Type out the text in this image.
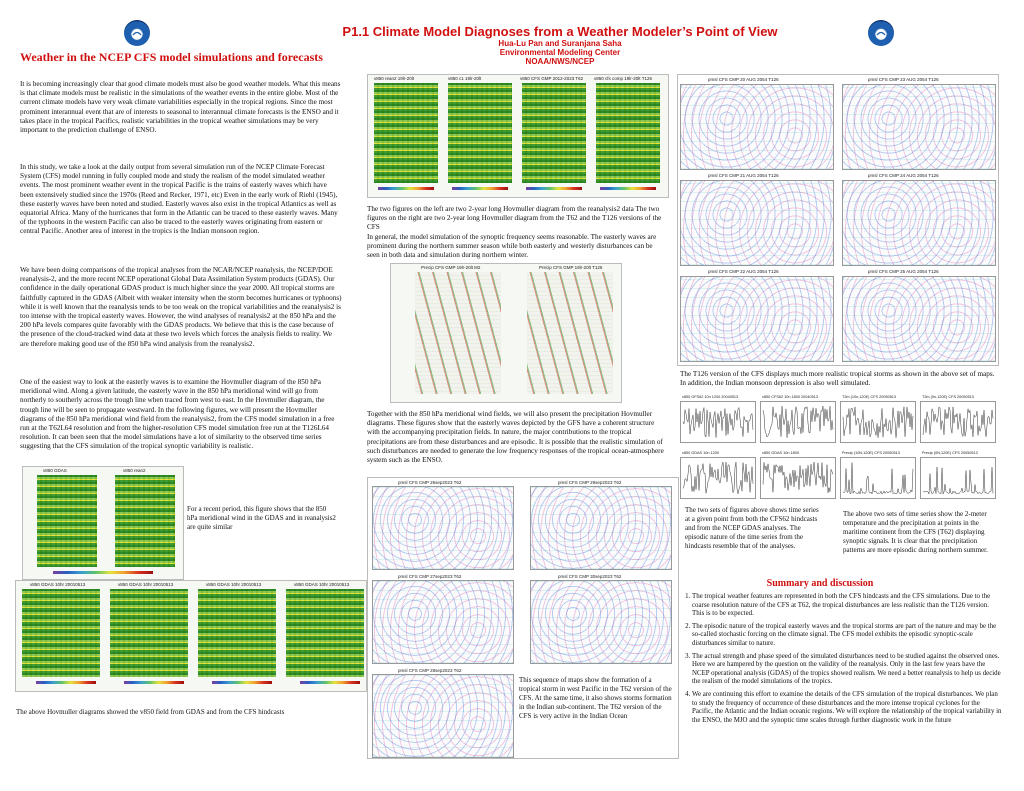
P1.1 Climate Model Diagnoses from a Weather Modeler’s Point of View
Hua-Lu Pan and Suranjana Saha
Environmental Modeling Center
NOAA/NWS/NCEP
Weather in the NCEP CFS model simulations and forecasts
It is becoming increasingly clear that good climate models must also be good weather models. What this means is that climate models must be realistic in the simulations of the weather events in the entire globe. Most of the current climate models have very weak climate variabilities especially in the tropical regions. Since the most prominent interannual event that are of interests to seasonal to interannual climate forecasts is the ENSO and it takes place in the tropical Pacifics, realistic variabilities in the tropical weather simulations may be very important to the prediction challenge of ENSO.
In this study, we take a look at the daily output from several simulation run of the NCEP Climate Forecast System (CFS) model running in fully coupled mode and study the realism of the model simulated weather events. The most prominent weather event in the tropical Pacific is the trains of easterly waves which have been extensively studied since the 1970s (Reed and Recker, 1971, etc) Even in the early work of Riehl (1945), these easterly waves have been noted and studied. Easterly waves also exist in the tropical Atlantics as well as equatorial Africa. Many of the hurricanes that form in the Atlantic can be traced to these easterly waves. Many of the typhoons in the western Pacific can also be traced to the easterly waves originating from eastern or central Pacific. Another area of interest in the tropics is the Indian monsoon region.
We have been doing comparisons of the tropical analyses from the NCAR/NCEP reanalysis, the NCEP/DOE reanalysis-2, and the more recent NCEP operational Global Data Assimilation System products (GDAS). Our confidence in the daily operational GDAS product is much higher since the year 2000. All tropical storms are faithfully captured in the GDAS (Albeit with weaker intensity when the storm becomes hurricanes or typhoons) while it is well known that the reanalysis tends to be too weak on the tropical variabilities and the reanalysis2 is too intense with the tropical easterly waves. However, the wind analyses of reanalysis2 at the 850 hPa and the 200 hPa levels compares quite favorably with the GDAS products. We believe that this is the case because of the presence of the cloud-tracked wind data at these two levels which forces the analysis fields to reality. We are therefore making good use of the 850 hPa wind analysis from the reanalysis2.
One of the easiest way to look at the easterly waves is to examine the Hovmuller diagram of the 850 hPa meridional wind. Along a given latitude, the easterly wave in the 850 hPa meridional wind will go from northerly to southerly across the trough line when traced from west to east. In the Hovmuller diagram, the trough line will be seen to propagate westward. In the following figures, we will present the Hovmuller diagrams of the 850 hPa meridional wind field from the reanalysis2, from the CFS model simulation in a free run at the T62L64 resolution and from the higher-resolution CFS model simulation free run at the T126L64 resolution. It can been seen that the model simulations have a lot of similarity to the observed time series suggesting that the CFS simulation of the tropical synoptic variability is realistic.
v850 GDAS	v850 rean2
For a recent period, this figure shows that the 850 hPa meridional wind in the GDAS and in reanalysis2 are quite similar
v850 GDAS 10hr 20010513	v850 GDAS 10hr 20010513	v850 GDAS 10hr 20010513	v850 GDAS 10hr 20010513
The above Hovmuller diagrams showed the v850 field from GDAS and from the CFS hindcasts
v850 rean2 19lr-20lt	v850 c1 19lr-20lt	v850 CFS GMP 2012-2023 T62 v850 cfs comp 19lr-20lt T126
The two figures on the left are two 2-year long Hovmuller diagram from the reanalysis2 data The two figures on the right are two 2-year long Hovmuller diagram from the T62 and the T126 versions of the CFS
In general, the model simulation of the synoptic frequency seems reasonable. The easterly waves are prominent during the northern summer season while both easterly and westerly disturbances can be seen in both data and simulation during northern winter.
Precip CFS GMP 19lr-20lt M2	Precip CFS GMP 19lr-20lt T126
Together with the 850 hPa meridional wind fields, we will also present the precipitation Hovmuller diagrams. These figures show that the easterly waves depicted by the GFS have a coherent structure with the accompanying precipitation fields. In nature, the major contributions to the tropical precipitations are from these disturbances and are episodic. It is possible that the realistic simulation of such disturbances are needed to generate the low frequency responses of the tropical ocean-atmosphere system such as the ENSO.
pmsl CFS CMP 26sep2023 T62	pmsl CFS CMP 29sep2023 T62
pmsl CFS CMP 27sep2023 T62	pmsl CFS CMP 30sep2023 T62
pmsl CFS CMP 28sep2023 T62
This sequence of maps show the formation of a tropical storm in west Pacific in the T62 version of the CFS. At the same time, it also shows storms formation in the Indian sub-continent. The T62 version of the CFS is very active in the Indian Ocean
pmsl CFS CMP 20 AUG 2054 T126	pmsl CFS CMP 23 AUG 2054 T126
pmsl CFS CMP 21 AUG 2054 T126	pmsl CFS CMP 24 AUG 2054 T126
pmsl CFS CMP 22 AUG 2054 T126	pmsl CFS CMP 25 AUG 2054 T126
The T126 version of the CFS displays much more realistic tropical storms as shown in the above set of maps. In addition, the Indian monsoon depression is also well simulated.
v850 GFS62 10n 1200 20040513	v850 CFS62 10n 1800 20040513	T2m (10n,120E) CFS 20050513	T2m (0n,120E) CFS 20050513
v850 GDAS 10n 1200	v850 GDAS 10n 1800	Precip (10N,120E) CFS 20050513	Precip (0N,120E) CFS 20050513
The two sets of figures above shows time series at a given point from both the CFS62 hindcasts and from the NCEP GDAS analyses. The episodic nature of the time series from the hindcasts resemble that of the analyses.
The above two sets of time series show the 2-meter temperature and the precipitation at points in the maritime continent from the CFS (T62) displaying synoptic signals. It is clear that the precipitation patterns are more episodic during northern summer.
Summary and discussion
1. The tropical weather features are represented in both the CFS hindcasts and the CFS simulations. Due to the coarse resolution nature of the CFS at T62, the tropical disturbances are less realistic than the T126 version. This is to be expected.
2. The episodic nature of the tropical easterly waves and the tropical storms are part of the nature and may be the so-called stochastic forcing on the climate signal. The CFS model exhibits the episodic synoptic-scale disturbances similar to nature.
3. The actual strength and phase speed of the simulated disturbances need to be studied against the observed ones. Here we are hampered by the question on the validity of the reanalysis. Only in the last few years have the NCEP operational analysis (GDAS) of the tropics showed realism. We need a better reanalysis to help us decide the realism of the model simulations of the tropics.
4. We are continuing this effort to examine the details of the CFS simulation of the tropical disturbances. We plan to study the frequency of occurrence of these disturbances and the more intense tropical cyclones for the Pacific, the Atlantic and the Indian oceanic regions. We will explore the relationship of the tropical variability in the ENSO, the MJO and the synoptic time scales through further diagnostic work in the future
